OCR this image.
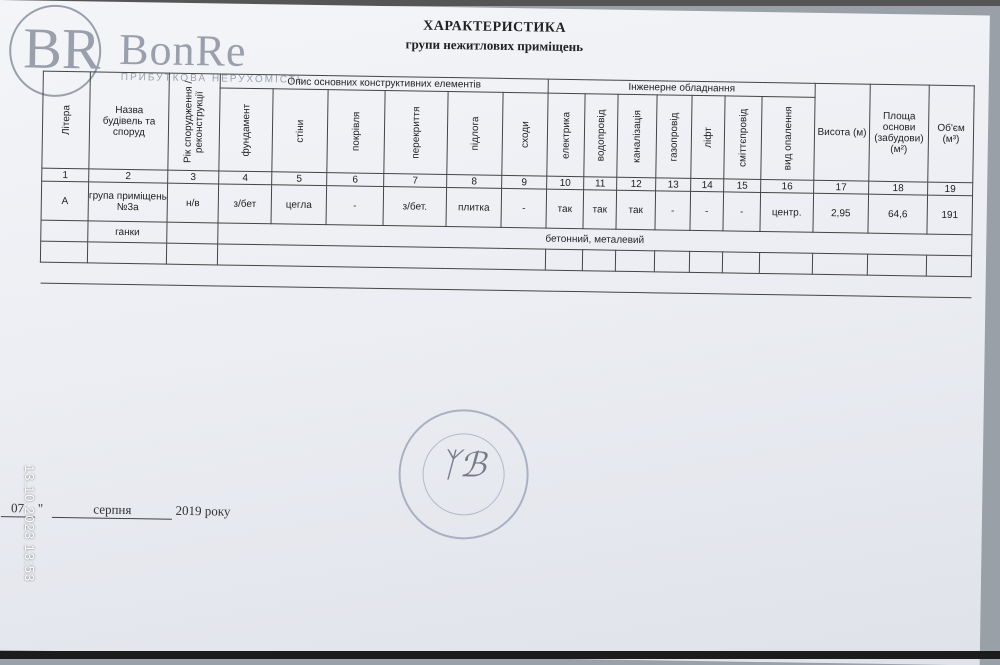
BR BonRe
ПРИБУТКОВА НЕРУХОМІСТЬ
ХАРАКТЕРИСТИКА
групи нежитлових приміщень
Літера	Назва будівель та споруд	Рік спорудження / реконструкції	Опис основних конструктивних елементів						Інженерне обладнання							Висота (м)	Площа основи (забудови) (м²)	Об'єм (м³)

			фундамент	стіни	покрівля	перекриття	підлога	сходи	електрика	водопровід	каналізація	газопровід	ліфт	сміттєпровід	вид опалення			

1	2	3	4	5	6	7	8	9	10	11	12	13	14	15	16	17	18	19
А	група приміщень №3а	н/в	з/бет	цегла	-	з/бет.	плитка	-	так	так	так	-	-	-	центр.	2,95	64,6	191
	ганки		бетонний, металевий															

ᛉℬ
07 "	серпня	2019 року
13.10.2023 13:53
